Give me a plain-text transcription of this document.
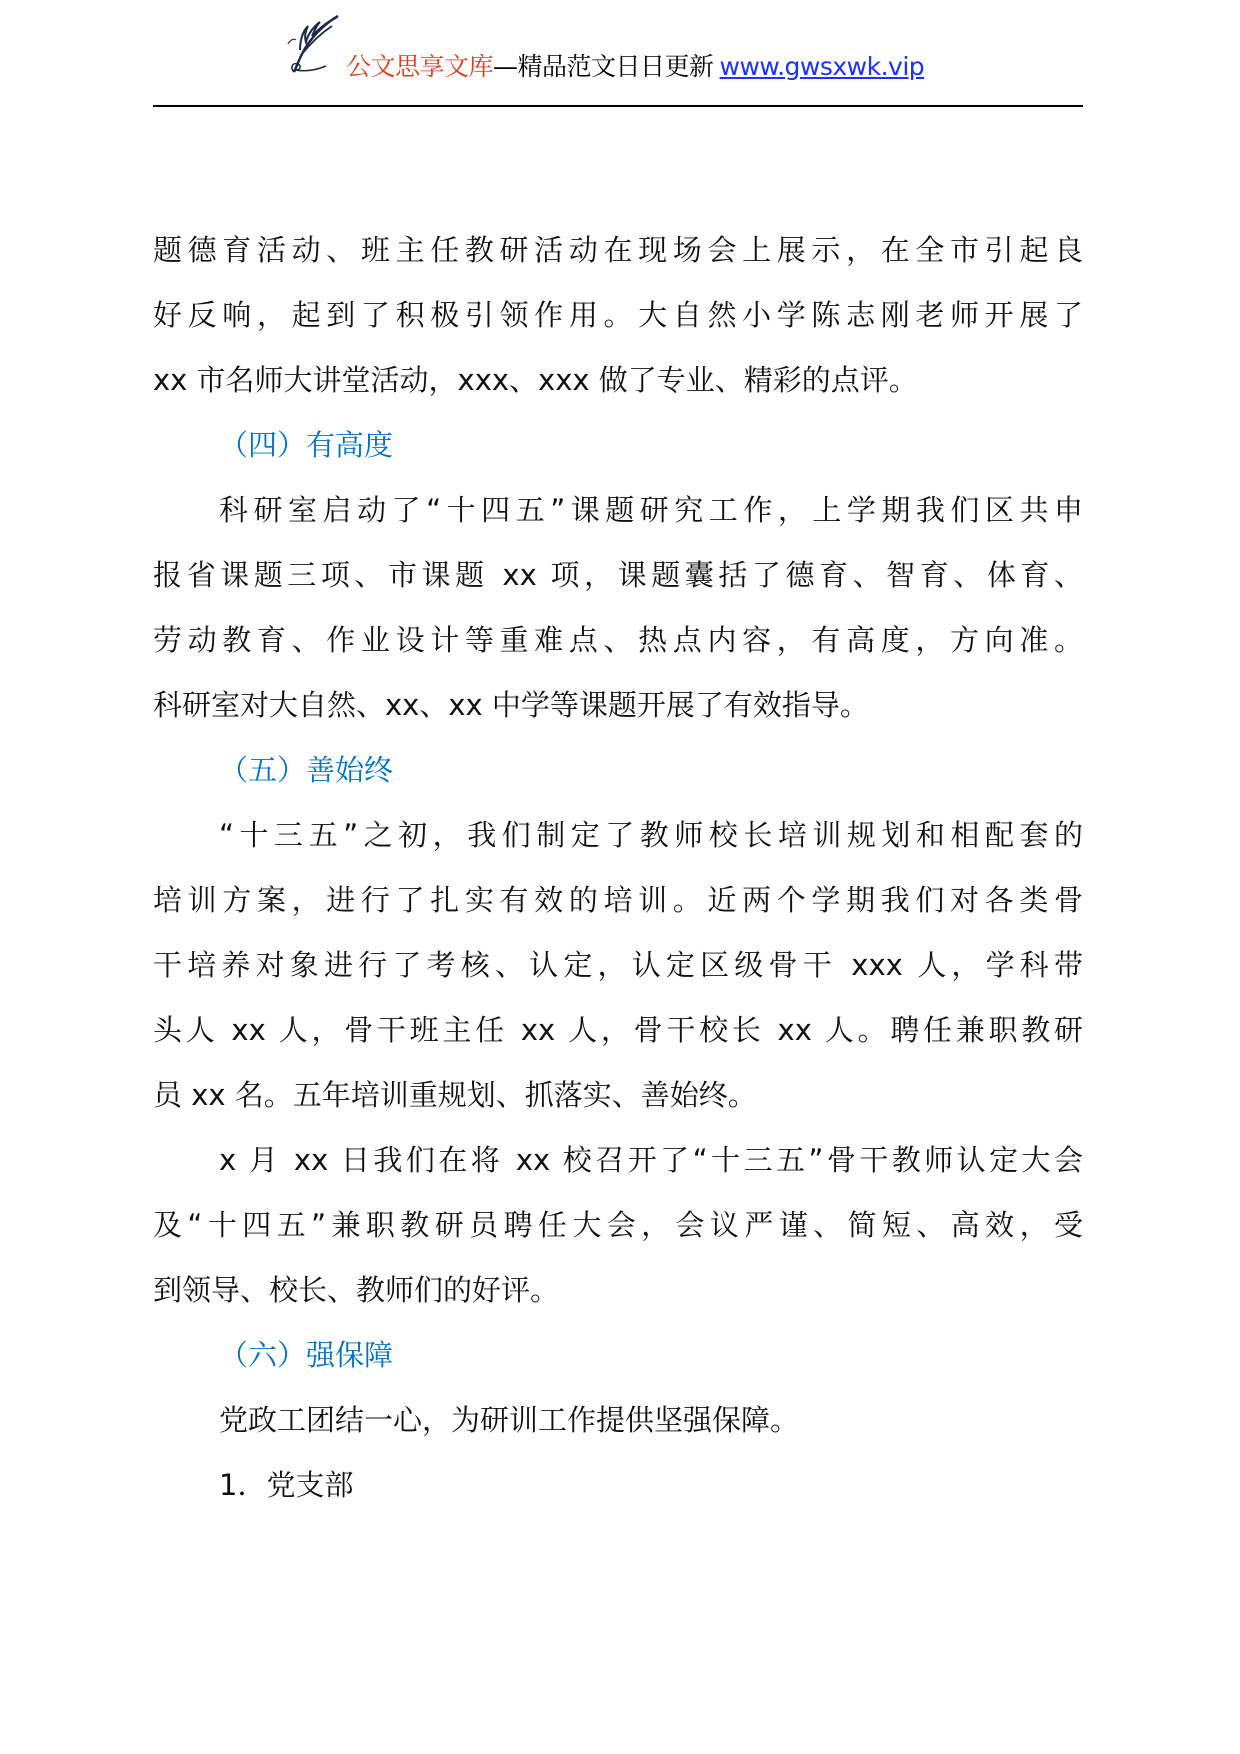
公文思享文库—精品范文日日更新 www.gwsxwk.vip
题德育活动、班主任教研活动在现场会上展示，在全市引起良
好反响，起到了积极引领作用。大自然小学陈志刚老师开展了
xx 市名师大讲堂活动，xxx、xxx 做了专业、精彩的点评。
（四）有高度
科研室启动了“十四五”课题研究工作，上学期我们区共申
报省课题三项、市课题 xx 项，课题囊括了德育、智育、体育、
劳动教育、作业设计等重难点、热点内容，有高度，方向准。
科研室对大自然、xx、xx 中学等课题开展了有效指导。
（五）善始终
“十三五”之初，我们制定了教师校长培训规划和相配套的
培训方案，进行了扎实有效的培训。近两个学期我们对各类骨
干培养对象进行了考核、认定，认定区级骨干 xxx 人，学科带
头人 xx 人，骨干班主任 xx 人，骨干校长 xx 人。聘任兼职教研
员 xx 名。五年培训重规划、抓落实、善始终。
x 月 xx 日我们在将 xx 校召开了“十三五”骨干教师认定大会
及“十四五”兼职教研员聘任大会，会议严谨、简短、高效，受
到领导、校长、教师们的好评。
（六）强保障
党政工团结一心，为研训工作提供坚强保障。
1．党支部
